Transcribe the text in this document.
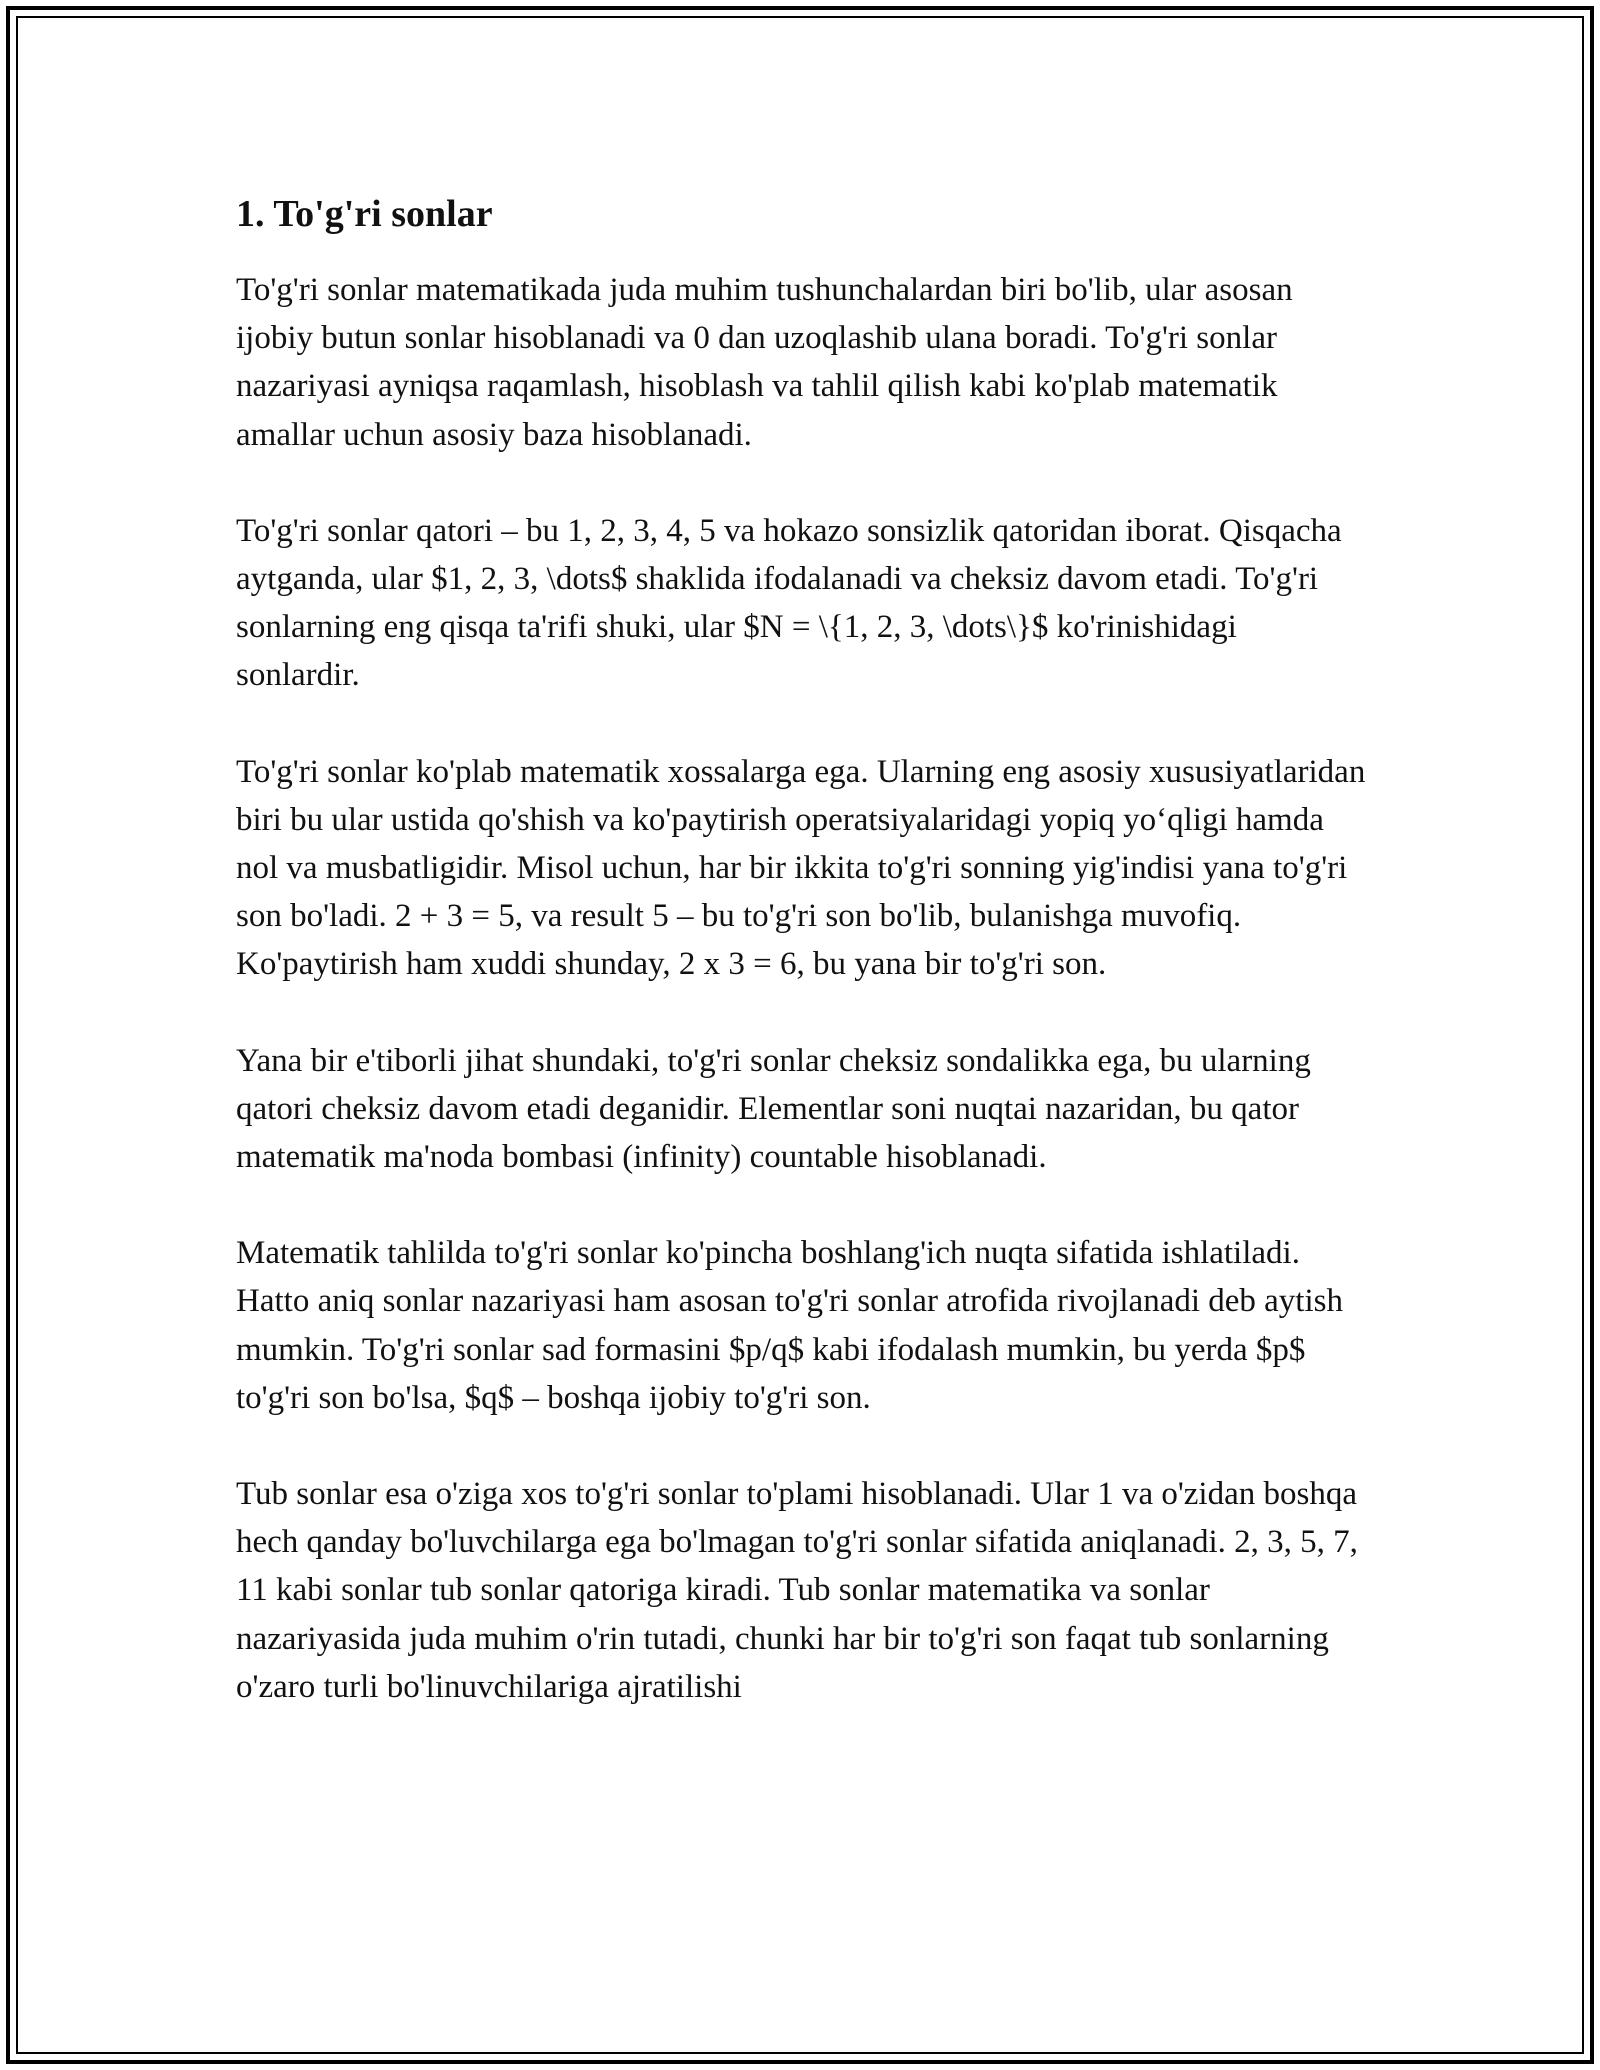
1. To'g'ri sonlar

To'g'ri sonlar matematikada juda muhim tushunchalardan biri bo'lib, ular asosan ijobiy butun sonlar hisoblanadi va 0 dan uzoqlashib ulana boradi. To'g'ri sonlar nazariyasi ayniqsa raqamlash, hisoblash va tahlil qilish kabi ko'plab matematik amallar uchun asosiy baza hisoblanadi.

To'g'ri sonlar qatori – bu 1, 2, 3, 4, 5 va hokazo sonsizlik qatoridan iborat. Qisqacha aytganda, ular $1, 2, 3, \dots$ shaklida ifodalanadi va cheksiz davom etadi. To'g'ri sonlarning eng qisqa ta'rifi shuki, ular $N = \{1, 2, 3, \dots\}$ ko'rinishidagi sonlardir.

To'g'ri sonlar ko'plab matematik xossalarga ega. Ularning eng asosiy xususiyatlaridan biri bu ular ustida qo'shish va ko'paytirish operatsiyalaridagi yopiq yo‘qligi hamda nol va musbatligidir. Misol uchun, har bir ikkita to'g'ri sonning yig'indisi yana to'g'ri son bo'ladi. 2 + 3 = 5, va result 5 – bu to'g'ri son bo'lib, bulanishga muvofiq. Ko'paytirish ham xuddi shunday, 2 x 3 = 6, bu yana bir to'g'ri son.

Yana bir e'tiborli jihat shundaki, to'g'ri sonlar cheksiz sondalikka ega, bu ularning qatori cheksiz davom etadi deganidir. Elementlar soni nuqtai nazaridan, bu qator matematik ma'noda bombasi (infinity) countable hisoblanadi.

Matematik tahlilda to'g'ri sonlar ko'pincha boshlang'ich nuqta sifatida ishlatiladi. Hatto aniq sonlar nazariyasi ham asosan to'g'ri sonlar atrofida rivojlanadi deb aytish mumkin. To'g'ri sonlar sad formasini $p/q$ kabi ifodalash mumkin, bu yerda $p$ to'g'ri son bo'lsa, $q$ – boshqa ijobiy to'g'ri son.

Tub sonlar esa o'ziga xos to'g'ri sonlar to'plami hisoblanadi. Ular 1 va o'zidan boshqa hech qanday bo'luvchilarga ega bo'lmagan to'g'ri sonlar sifatida aniqlanadi. 2, 3, 5, 7, 11 kabi sonlar tub sonlar qatoriga kiradi. Tub sonlar matematika va sonlar nazariyasida juda muhim o'rin tutadi, chunki har bir to'g'ri son faqat tub sonlarning o'zaro turli bo'linuvchilariga ajratilishi
